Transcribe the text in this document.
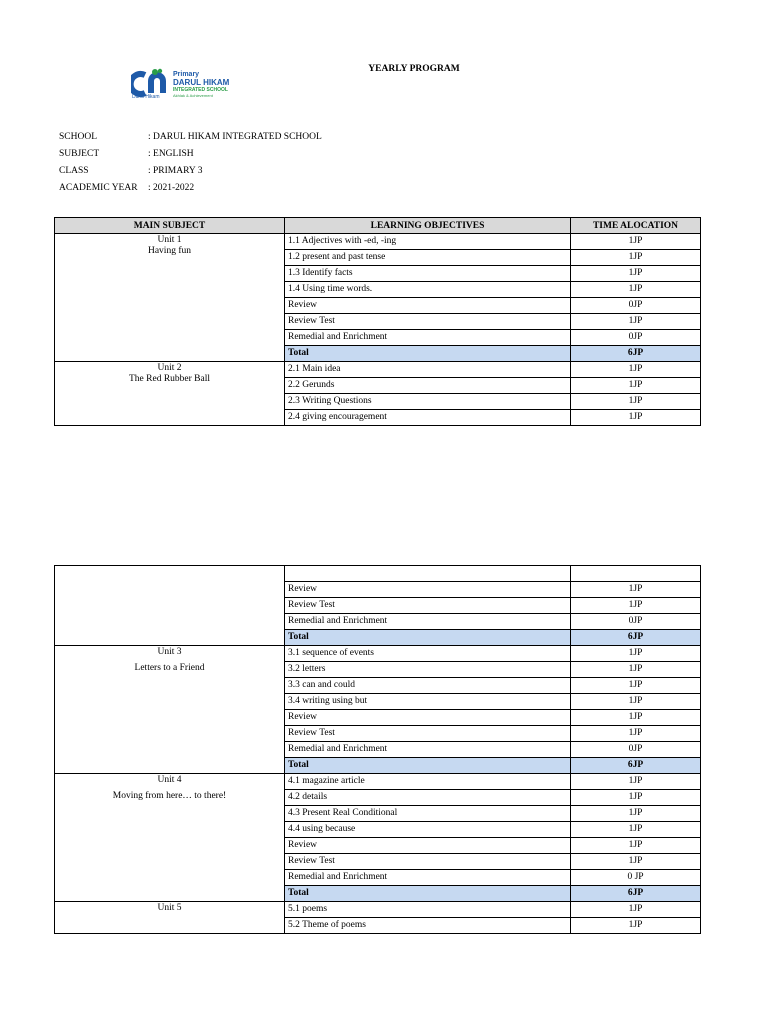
Primary
DARUL HIKAM
INTEGRATED SCHOOL
Akhlak & Achievement
Darul Hikam
YEARLY PROGRAM
SCHOOL	: DARUL HIKAM INTEGRATED SCHOOL
SUBJECT	: ENGLISH
CLASS	: PRIMARY 3
ACADEMIC YEAR : 2021-2022
MAIN SUBJECT	LEARNING OBJECTIVES	TIME ALOCATION

Unit 1
Having fun	1.1 Adjectives with -ed, -ing	1JP
	1.2 present and past tense	1JP
	1.3 Identify facts	1JP
	1.4 Using time words.	1JP
	Review	0JP
	Review Test	1JP
	Remedial and Enrichment	0JP
	Total	6JP

Unit 2
The Red Rubber Ball	2.1 Main idea	1JP
	2.2 Gerunds	1JP
	2.3 Writing Questions	1JP
	2.4 giving encouragement	1JP

	Review	1JP
	Review Test	1JP
	Remedial and Enrichment	0JP
	Total	6JP

Unit 3
Letters to a Friend	3.1 sequence of events	1JP
	3.2 letters	1JP
	3.3 can and could	1JP
	3.4 writing using but	1JP
	Review	1JP
	Review Test	1JP
	Remedial and Enrichment	0JP
	Total	6JP

Unit 4
Moving from here… to there!	4.1 magazine article	1JP
	4.2 details	1JP
	4.3 Present Real Conditional	1JP
	4.4 using because	1JP
	Review	1JP
	Review Test	1JP
	Remedial and Enrichment	0 JP
	Total	6JP

Unit 5	5.1 poems	1JP
	5.2 Theme of poems	1JP
